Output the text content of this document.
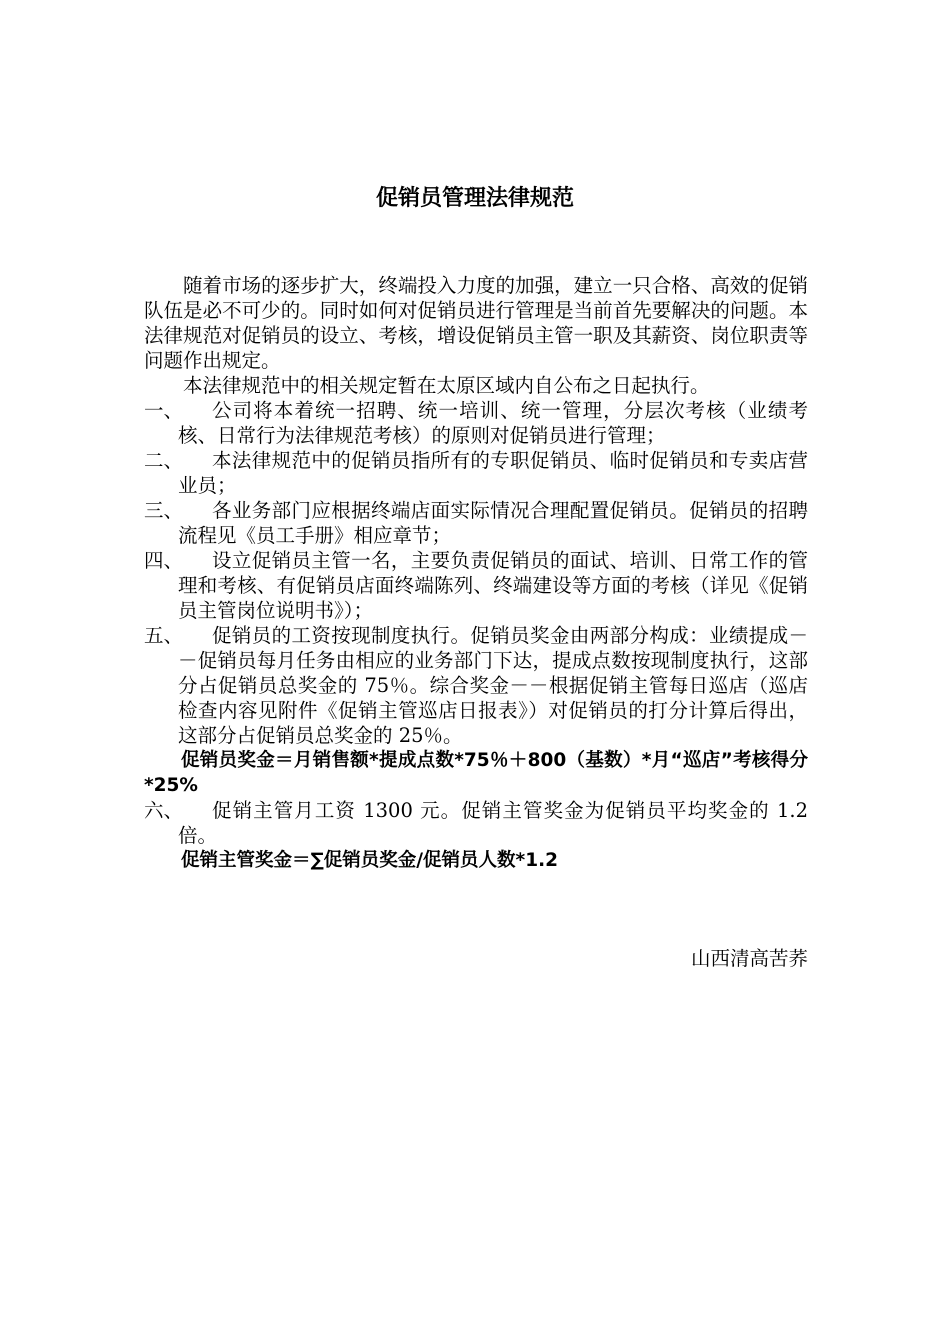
促销员管理法律规范

随着市场的逐步扩大，终端投入力度的加强，建立一只合格、高效的促销队伍是必不可少的。同时如何对促销员进行管理是当前首先要解决的问题。本法律规范对促销员的设立、考核，增设促销员主管一职及其薪资、岗位职责等问题作出规定。

本法律规范中的相关规定暂在太原区域内自公布之日起执行。

一、	公司将本着统一招聘、统一培训、统一管理，分层次考核（业绩考核、日常行为法律规范考核）的原则对促销员进行管理；
二、	本法律规范中的促销员指所有的专职促销员、临时促销员和专卖店营业员；
三、	各业务部门应根据终端店面实际情况合理配置促销员。促销员的招聘流程见《员工手册》相应章节；
四、	设立促销员主管一名，主要负责促销员的面试、培训、日常工作的管理和考核、有促销员店面终端陈列、终端建设等方面的考核（详见《促销员主管岗位说明书》）；
五、	促销员的工资按现制度执行。促销员奖金由两部分构成：业绩提成－－促销员每月任务由相应的业务部门下达，提成点数按现制度执行，这部分占促销员总奖金的 75％。综合奖金－－根据促销主管每日巡店（巡店检查内容见附件《促销主管巡店日报表》）对促销员的打分计算后得出，这部分占促销员总奖金的 25％。

促销员奖金＝月销售额*提成点数*75％＋800（基数）*月“巡店”考核得分*25%

六、	促销主管月工资 1300 元。促销主管奖金为促销员平均奖金的 1.2 倍。

促销主管奖金＝∑促销员奖金/促销员人数*1.2

山西清高苦荞
